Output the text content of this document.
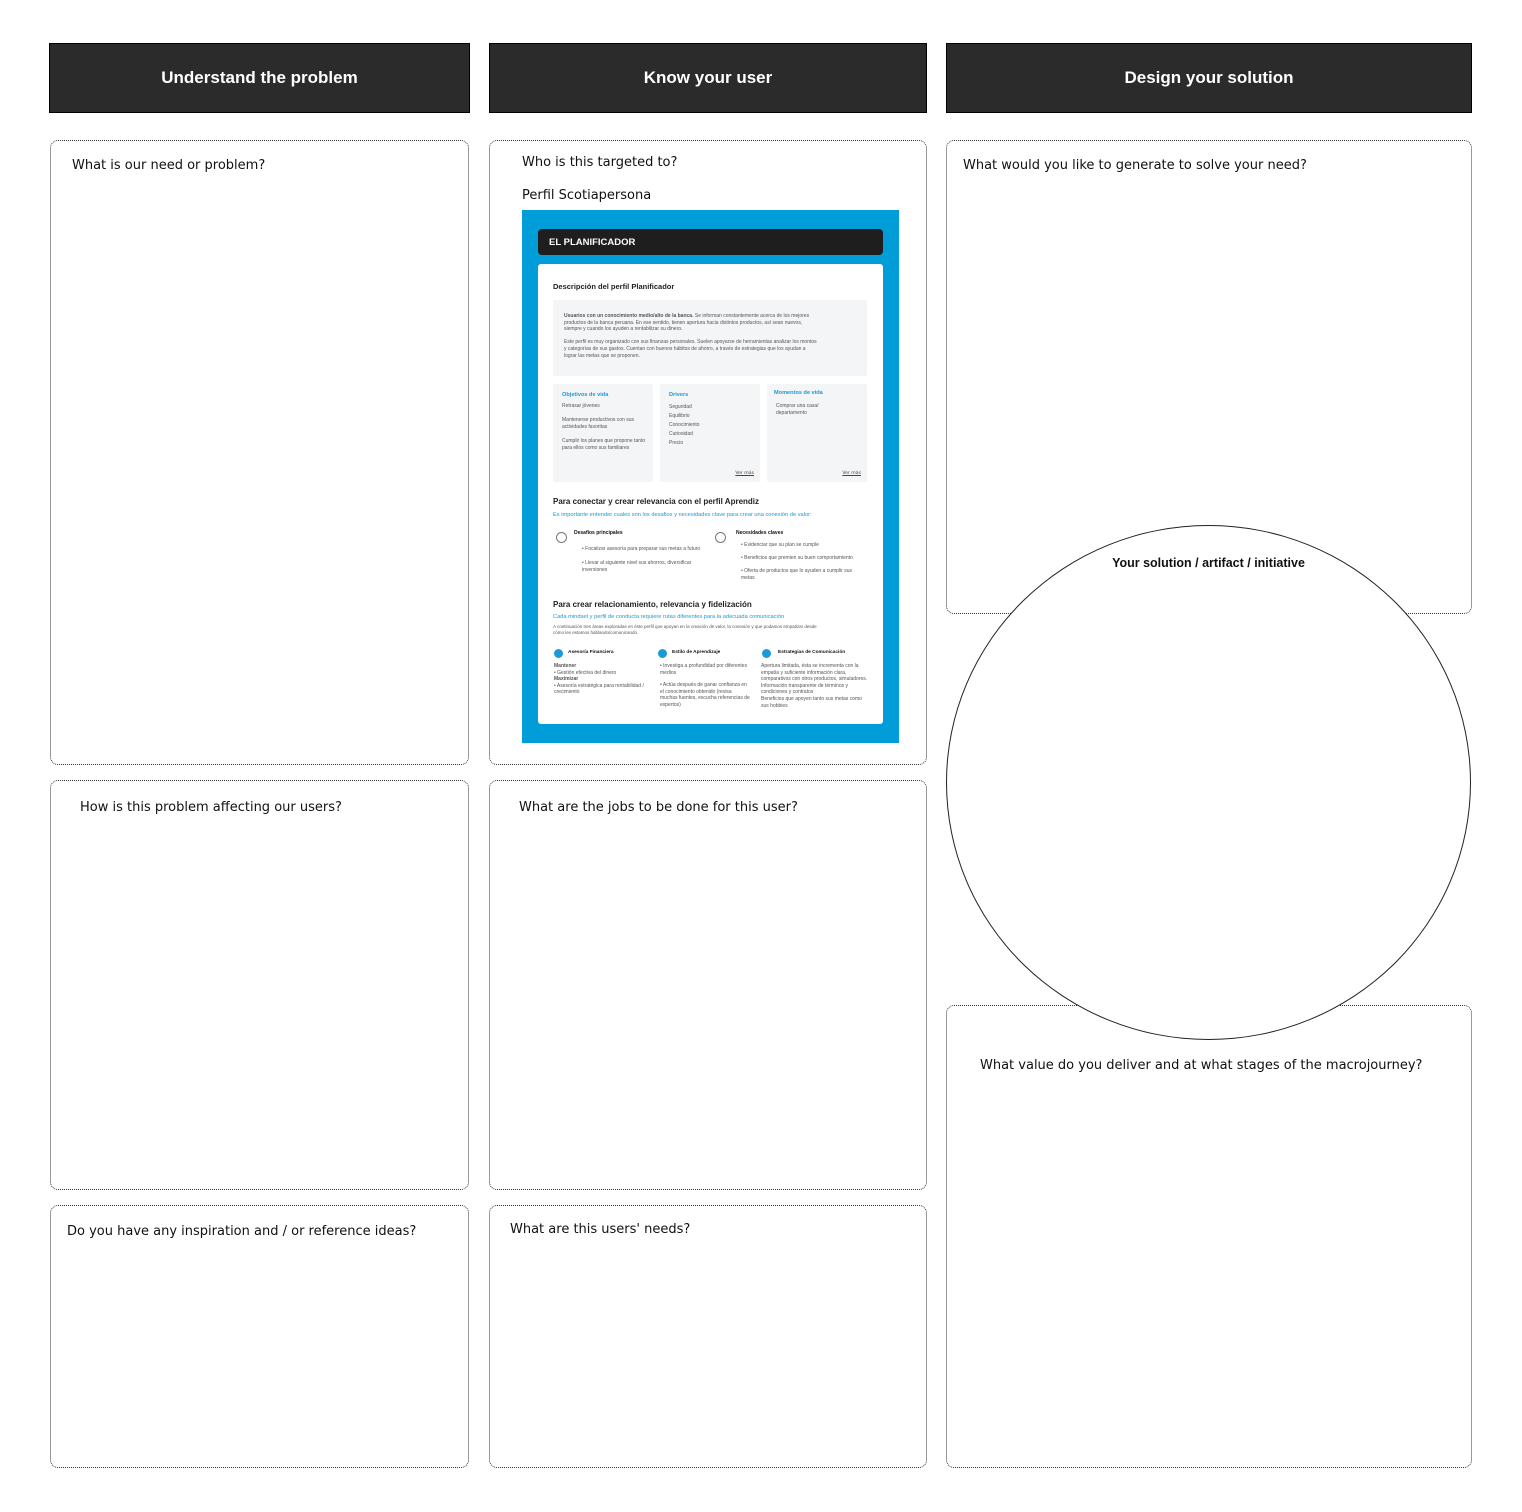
Understand the problem	Know your user	Design your solution
What is our need or problem?
How is this problem affecting our users?
Do you have any inspiration and / or reference ideas?
Who is this targeted to?
Perfil Scotiapersona
EL PLANIFICADOR
Descripción del perfil Planificador
Usuarios con un conocimiento medio/alto de la banca. Se informan constantemente acerca de los mejores
productos de la banca peruana. En ese sentido, tienen apertura hacia distintos productos, así sean nuevos,
siempre y cuando los ayuden a rentabilizar su dinero.

Este perfil es muy organizado con sus finanzas personales. Suelen apoyarse de herramientas analizar los montos
y categorías de sus gastos. Cuentan con buenos hábitos de ahorro, a través de estrategias que los ayudan a
lograr las metas que se proponen.
Objetivos de vida
Retrasar jóvenes
Mantenerse productivos con sus actividades favoritas
Cumplir los planes que propone tanto para ellos como sus familiares
Drivers
Seguridad
Equilibrio
Conocimiento
Curiosidad
Precio
Ver más
Momentos de vida
Comprar una casa/ departamento
Ver más
Para conectar y crear relevancia con el perfil Aprendiz
Es importante entender cuales son los desafios y necesidades clave para crear una conexión de valor:
Desafíos principales
• Focalizar asesoría para preparar sus metas a futuro
• Llevar al siguiente nivel sus ahorros, diversificar inversiones
Necesidades claves
• Evidenciar que su plan se cumple
• Beneficios que premien su buen comportamiento
• Oferta de productos que lo ayuden a cumplir sus metas
Para crear relacionamiento, relevancia y fidelización
Cada mindset y perfil de conducta requiere rutas diferentes para la adecuada comunicación
A continuación tres áreas exploradas en éste perfil que apoyan en la creación de valor, la conexión y que podamos empatizar desde
cómo les estamos hablando/comunicando.
Asesoría Financiera
Mantener
• Gestión efectiva del dinero
Maximizar
• Asesoría estratégica para rentabilidad / crecimiento
Estilo de Aprendizaje
• Investiga a profundidad por diferentes medios
• Actúa después de ganar confianza en el conocimiento obtenido (revisa muchas fuentes, escucha referencias de expertos)
Estrategias de Comunicación
Apertura limitada, ésta se incrementa con la empatía y suficiente información clara, comparativos con otros productos, simuladores.
Información transparente de términos y condiciones y contratos
Beneficios que apoyen tanto sus metas como sus hobbies
What are the jobs to be done for this user?
What are this users' needs?
What would you like to generate to solve your need?
What value do you deliver and at what stages of the macrojourney?
Your solution / artifact / initiative
